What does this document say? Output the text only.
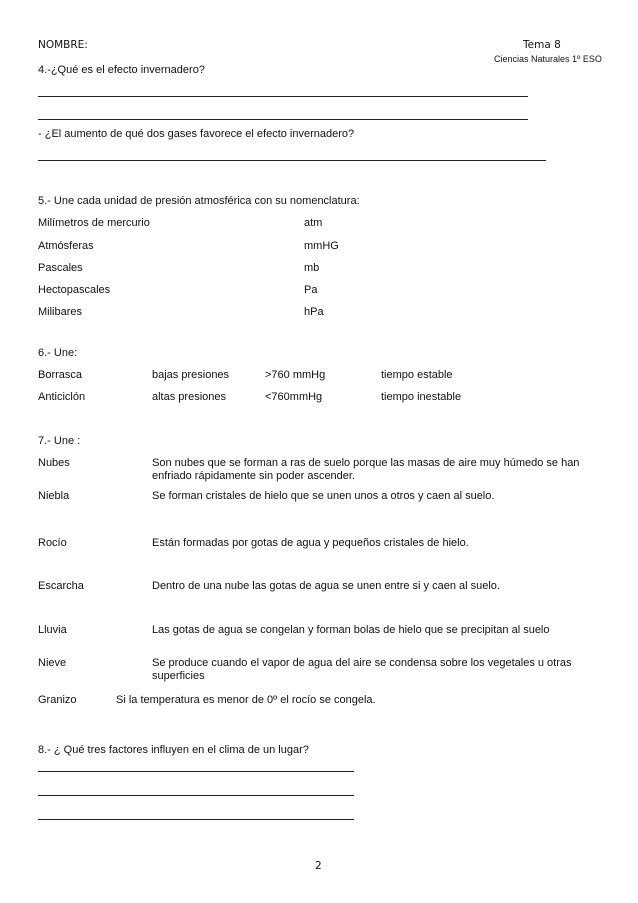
NOMBRE:	Tema 8
Ciencias Naturales 1º ESO
4.-¿Qué es el efecto invernadero?
- ¿El aumento de qué dos gases favorece el efecto invernadero?
5.- Une cada unidad de presión atmosférica con su nomenclatura:
Milímetros de mercurio	atm
Atmósferas	mmHG
Pascales	mb
Hectopascales	Pa
Milibares	hPa
6.- Une:
Borrasca	bajas presiones	>760 mmHg	tiempo estable
Anticiclón	altas presiones	<760mmHg	tiempo inestable
7.- Une :
Nubes	Son nubes que se forman a ras de suelo porque las masas de aire muy húmedo se han enfriado rápidamente sin poder ascender.
Niebla	Se forman cristales de hielo que se unen unos a otros y caen al suelo.
Rocío	Están formadas por gotas de agua y pequeños cristales de hielo.
Escarcha	Dentro de una nube las gotas de agua se unen entre si y caen al suelo.
Lluvia	Las gotas de agua se congelan y forman bolas de hielo que se precipitan al suelo
Nieve	Se produce cuando el vapor de agua del aire se condensa sobre los vegetales u otras superficies
Granizo	Si la temperatura es menor de 0º el rocío se congela.
8.- ¿ Qué tres factores influyen en el clima de un lugar?
2
